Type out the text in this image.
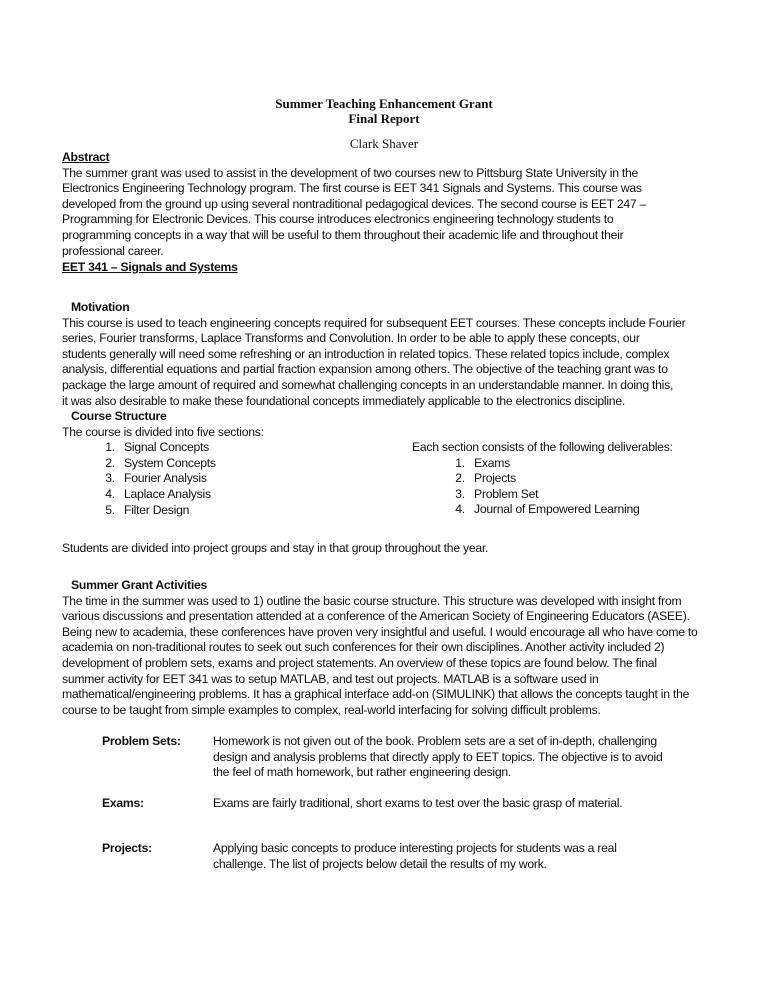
Summer Teaching Enhancement Grant
Final Report
Clark Shaver
Abstract
The summer grant was used to assist in the development of two courses new to Pittsburg State University in the
Electronics Engineering Technology program. The first course is EET 341 Signals and Systems. This course was
developed from the ground up using several nontraditional pedagogical devices. The second course is EET 247 –
Programming for Electronic Devices. This course introduces electronics engineering technology students to
programming concepts in a way that will be useful to them throughout their academic life and throughout their
professional career.
EET 341 – Signals and Systems
Motivation
This course is used to teach engineering concepts required for subsequent EET courses. These concepts include Fourier
series, Fourier transforms, Laplace Transforms and Convolution. In order to be able to apply these concepts, our
students generally will need some refreshing or an introduction in related topics. These related topics include, complex
analysis, differential equations and partial fraction expansion among others. The objective of the teaching grant was to
package the large amount of required and somewhat challenging concepts in an understandable manner. In doing this,
it was also desirable to make these foundational concepts immediately applicable to the electronics discipline.
Course Structure
The course is divided into five sections:
1. Signal Concepts
2. System Concepts
3. Fourier Analysis
4. Laplace Analysis
5. Filter Design
Each section consists of the following deliverables:
1. Exams
2. Projects
3. Problem Set
4. Journal of Empowered Learning
Students are divided into project groups and stay in that group throughout the year.
Summer Grant Activities
The time in the summer was used to 1) outline the basic course structure. This structure was developed with insight from
various discussions and presentation attended at a conference of the American Society of Engineering Educators (ASEE).
Being new to academia, these conferences have proven very insightful and useful. I would encourage all who have come to
academia on non-traditional routes to seek out such conferences for their own disciplines. Another activity included 2)
development of problem sets, exams and project statements. An overview of these topics are found below. The final
summer activity for EET 341 was to setup MATLAB, and test out projects. MATLAB is a software used in
mathematical/engineering problems. It has a graphical interface add-on (SIMULINK) that allows the concepts taught in the
course to be taught from simple examples to complex, real-world interfacing for solving difficult problems.
Problem Sets:	Homework is not given out of the book. Problem sets are a set of in-depth, challenging
design and analysis problems that directly apply to EET topics. The objective is to avoid
the feel of math homework, but rather engineering design.
Exams:	Exams are fairly traditional, short exams to test over the basic grasp of material.
Projects:	Applying basic concepts to produce interesting projects for students was a real
challenge. The list of projects below detail the results of my work.
